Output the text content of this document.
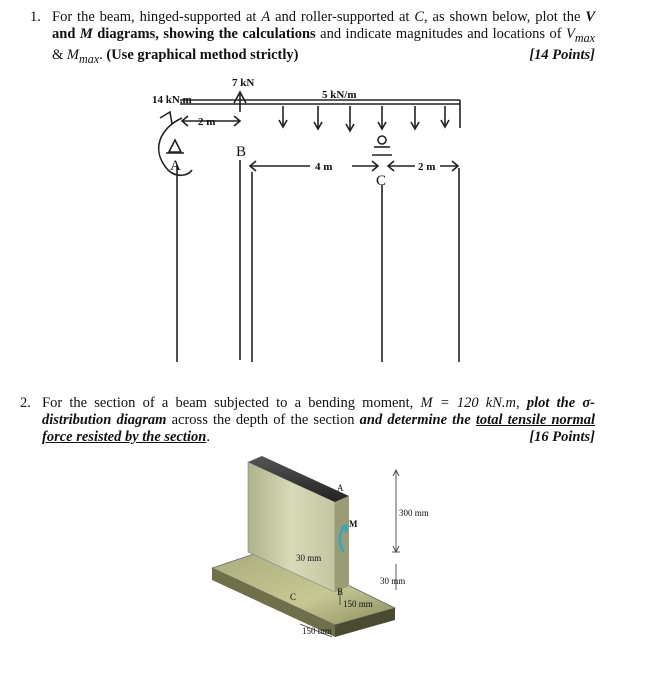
1. For the beam, hinged-supported at A and roller-supported at C, as shown below, plot the V and M diagrams, showing the calculations and indicate magnitudes and locations of $V_{max}$ & $M_{max}$. (Use graphical method strictly)	[14 Points]
7 kN
14 kN.m	5 kN/m
2 m
4 m	2 m
A
B
C
2. For the section of a beam subjected to a bending moment, M = 120 kN.m, plot the σ-distribution diagram across the depth of the section and determine the total tensile normal force resisted by the section.	[16 Points]
A
M
300 mm
30 mm
30 mm
C	B
150 mm
150 mm
